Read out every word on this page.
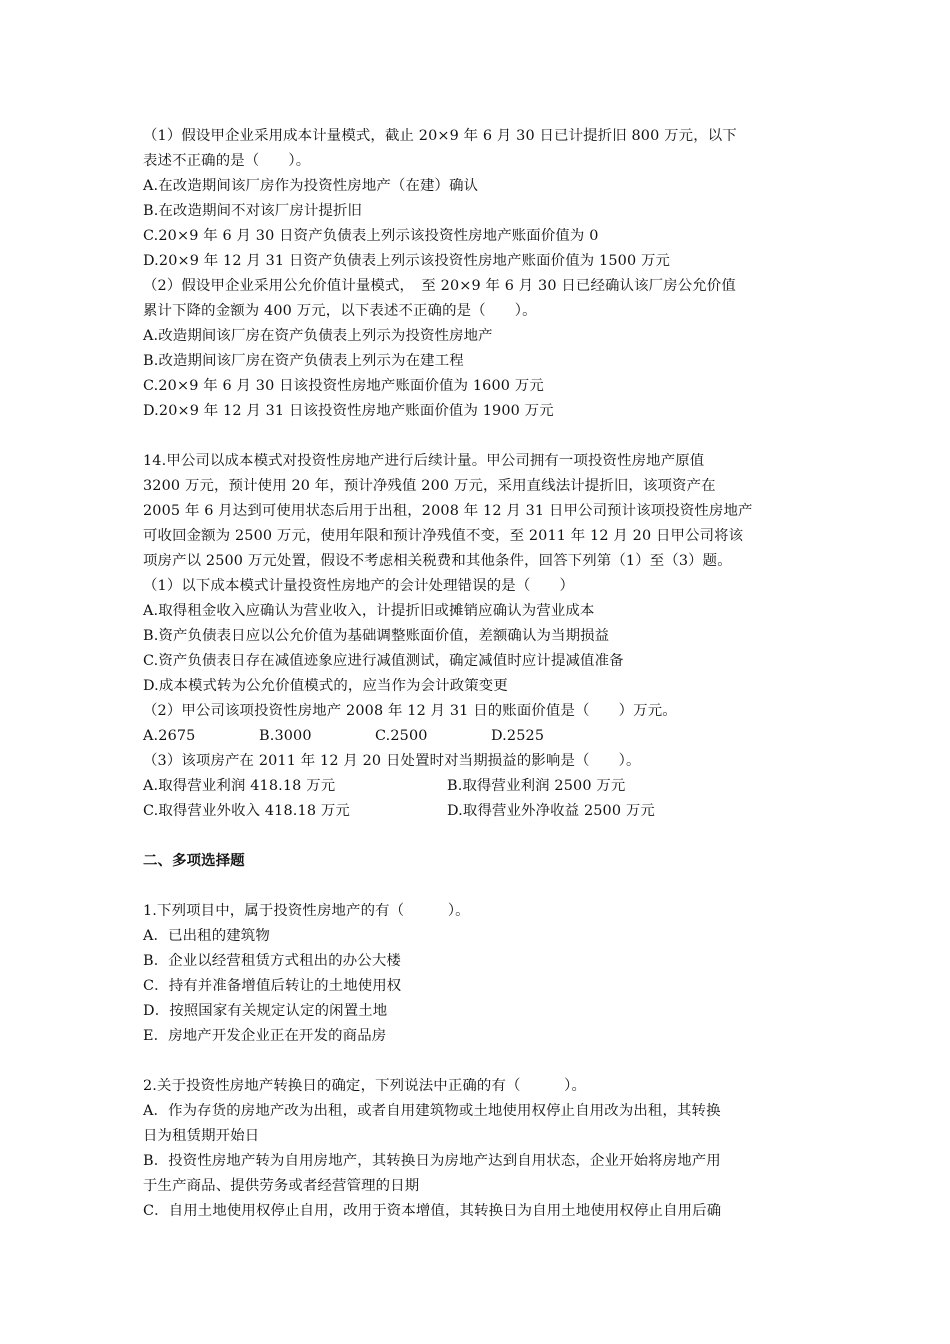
（1）假设甲企业采用成本计量模式，截止 20×9 年 6 月 30 日已计提折旧 800 万元，以下
表述不正确的是（　　）。
A.在改造期间该厂房作为投资性房地产（在建）确认
B.在改造期间不对该厂房计提折旧
C.20×9 年 6 月 30 日资产负债表上列示该投资性房地产账面价值为 0
D.20×9 年 12 月 31 日资产负债表上列示该投资性房地产账面价值为 1500 万元
（2）假设甲企业采用公允价值计量模式，　至 20×9 年 6 月 30 日已经确认该厂房公允价值
累计下降的金额为 400 万元，以下表述不正确的是（　　）。
A.改造期间该厂房在资产负债表上列示为投资性房地产
B.改造期间该厂房在资产负债表上列示为在建工程
C.20×9 年 6 月 30 日该投资性房地产账面价值为 1600 万元
D.20×9 年 12 月 31 日该投资性房地产账面价值为 1900 万元
14.甲公司以成本模式对投资性房地产进行后续计量。甲公司拥有一项投资性房地产原值
3200 万元，预计使用 20 年，预计净残值 200 万元，采用直线法计提折旧，该项资产在
2005 年 6 月达到可使用状态后用于出租，2008 年 12 月 31 日甲公司预计该项投资性房地产
可收回金额为 2500 万元，使用年限和预计净残值不变，至 2011 年 12 月 20 日甲公司将该
项房产以 2500 万元处置，假设不考虑相关税费和其他条件，回答下列第（1）至（3）题。
（1）以下成本模式计量投资性房地产的会计处理错误的是（　　）
A.取得租金收入应确认为营业收入，计提折旧或摊销应确认为营业成本
B.资产负债表日应以公允价值为基础调整账面价值，差额确认为当期损益
C.资产负债表日存在减值迹象应进行减值测试，确定减值时应计提减值准备
D.成本模式转为公允价值模式的，应当作为会计政策变更
（2）甲公司该项投资性房地产 2008 年 12 月 31 日的账面价值是（　　）万元。
A.2675	B.3000	C.2500	D.2525
（3）该项房产在 2011 年 12 月 20 日处置时对当期损益的影响是（　　）。
A.取得营业利润 418.18 万元	B.取得营业利润 2500 万元
C.取得营业外收入 418.18 万元	D.取得营业外净收益 2500 万元
二、多项选择题
1.下列项目中，属于投资性房地产的有（　　　）。
A．已出租的建筑物
B．企业以经营租赁方式租出的办公大楼
C．持有并准备增值后转让的土地使用权
D．按照国家有关规定认定的闲置土地
E．房地产开发企业正在开发的商品房
2.关于投资性房地产转换日的确定，下列说法中正确的有（　　　）。
A．作为存货的房地产改为出租，或者自用建筑物或土地使用权停止自用改为出租，其转换
日为租赁期开始日
B．投资性房地产转为自用房地产，其转换日为房地产达到自用状态，企业开始将房地产用
于生产商品、提供劳务或者经营管理的日期
C．自用土地使用权停止自用，改用于资本增值，其转换日为自用土地使用权停止自用后确
